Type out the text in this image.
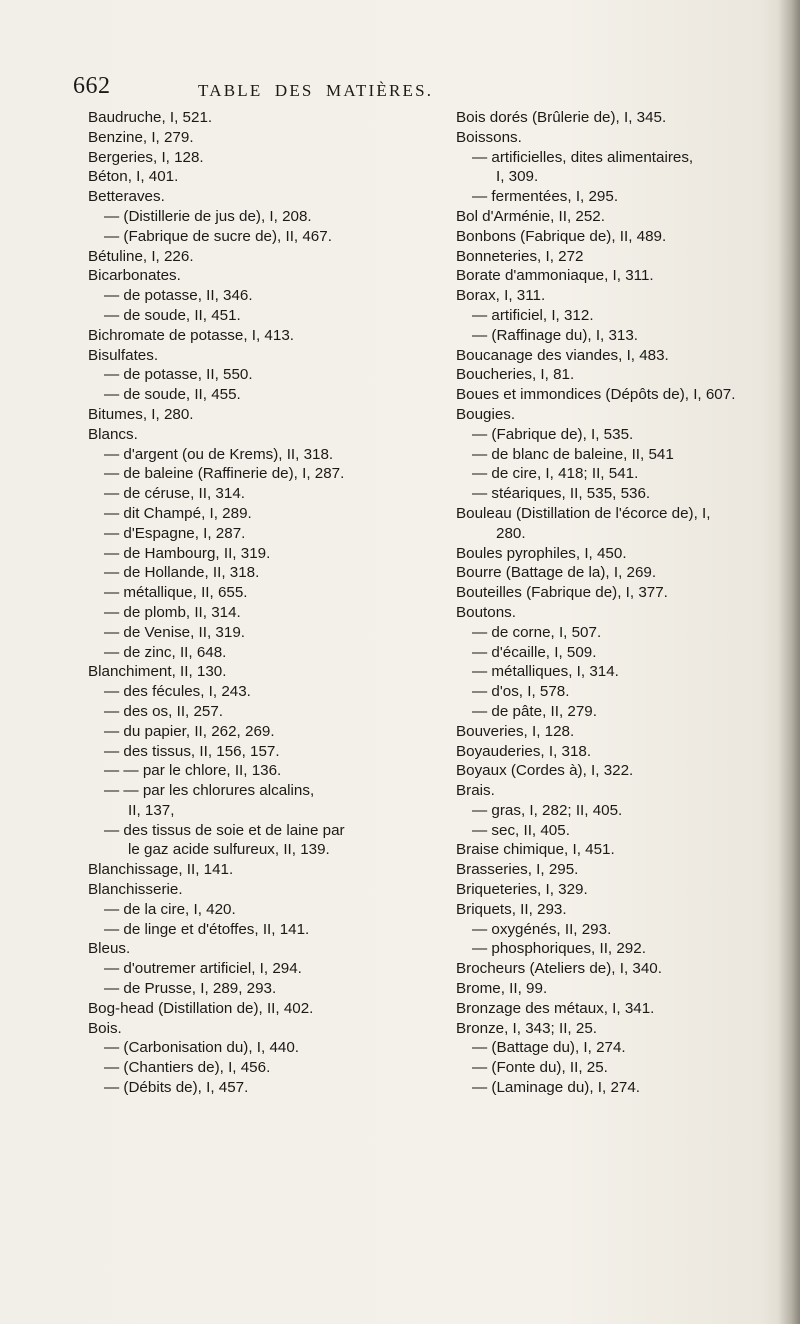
662	TABLE DES MATIÈRES.
Baudruche, I, 521.
Benzine, I, 279.
Bergeries, I, 128.
Béton, I, 401.
Betteraves.
— (Distillerie de jus de), I, 208.
— (Fabrique de sucre de), II, 467.
Bétuline, I, 226.
Bicarbonates.
— de potasse, II, 346.
— de soude, II, 451.
Bichromate de potasse, I, 413.
Bisulfates.
— de potasse, II, 550.
— de soude, II, 455.
Bitumes, I, 280.
Blancs.
— d'argent (ou de Krems), II, 318.
— de baleine (Raffinerie de), I, 287.
— de céruse, II, 314.
— dit Champé, I, 289.
— d'Espagne, I, 287.
— de Hambourg, II, 319.
— de Hollande, II, 318.
— métallique, II, 655.
— de plomb, II, 314.
— de Venise, II, 319.
— de zinc, II, 648.
Blanchiment, II, 130.
— des fécules, I, 243.
— des os, II, 257.
— du papier, II, 262, 269.
— des tissus, II, 156, 157.
— — par le chlore, II, 136.
— — par les chlorures alcalins,
II, 137,
— des tissus de soie et de laine par
le gaz acide sulfureux, II, 139.
Blanchissage, II, 141.
Blanchisserie.
— de la cire, I, 420.
— de linge et d'étoffes, II, 141.
Bleus.
— d'outremer artificiel, I, 294.
— de Prusse, I, 289, 293.
Bog-head (Distillation de), II, 402.
Bois.
— (Carbonisation du), I, 440.
— (Chantiers de), I, 456.
— (Débits de), I, 457.
Bois dorés (Brûlerie de), I, 345.
Boissons.
— artificielles, dites alimentaires,
I, 309.
— fermentées, I, 295.
Bol d'Arménie, II, 252.
Bonbons (Fabrique de), II, 489.
Bonneteries, I, 272
Borate d'ammoniaque, I, 311.
Borax, I, 311.
— artificiel, I, 312.
— (Raffinage du), I, 313.
Boucanage des viandes, I, 483.
Boucheries, I, 81.
Boues et immondices (Dépôts de), I, 607.
Bougies.
— (Fabrique de), I, 535.
— de blanc de baleine, II, 541
— de cire, I, 418; II, 541.
— stéariques, II, 535, 536.
Bouleau (Distillation de l'écorce de), I,
280.
Boules pyrophiles, I, 450.
Bourre (Battage de la), I, 269.
Bouteilles (Fabrique de), I, 377.
Boutons.
— de corne, I, 507.
— d'écaille, I, 509.
— métalliques, I, 314.
— d'os, I, 578.
— de pâte, II, 279.
Bouveries, I, 128.
Boyauderies, I, 318.
Boyaux (Cordes à), I, 322.
Brais.
— gras, I, 282; II, 405.
— sec, II, 405.
Braise chimique, I, 451.
Brasseries, I, 295.
Briqueteries, I, 329.
Briquets, II, 293.
— oxygénés, II, 293.
— phosphoriques, II, 292.
Brocheurs (Ateliers de), I, 340.
Brome, II, 99.
Bronzage des métaux, I, 341.
Bronze, I, 343; II, 25.
— (Battage du), I, 274.
— (Fonte du), II, 25.
— (Laminage du), I, 274.
